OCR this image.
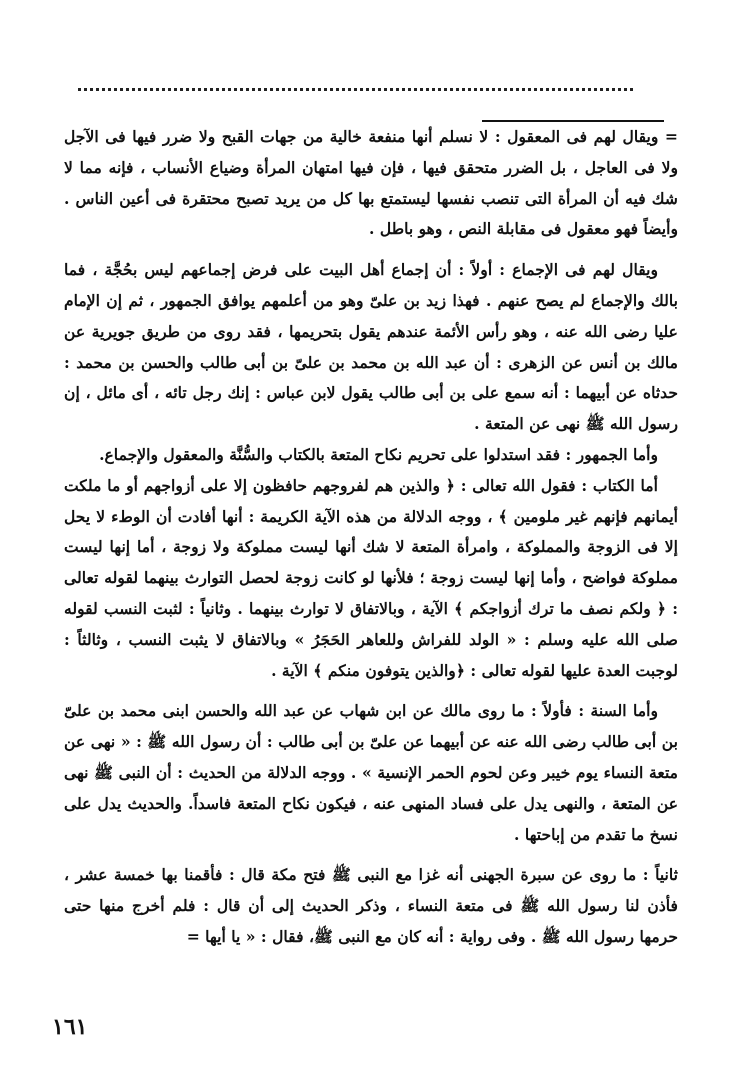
= ويقال لهم فى المعقول : لا نسلم أنها منفعة خالية من جهات القبح ولا ضرر فيها فى الآجل ولا فى العاجل ، بل الضرر متحقق فيها ، فإن فيها امتهان المرأة وضياع الأنساب ، فإنه مما لا شك فيه أن المرأة التى تنصب نفسها ليستمتع بها كل من يريد تصبح محتقرة فى أعين الناس . وأيضاً فهو معقول فى مقابلة النص ، وهو باطل .

ويقال لهم فى الإجماع : أولاً : أن إجماع أهل البيت على فرض إجماعهم ليس بحُجَّة ، فما بالك والإجماع لم يصح عنهم . فهذا زيد بن علىّ وهو من أعلمهم يوافق الجمهور ، ثم إن الإمام عليا رضى الله عنه ، وهو رأس الأئمة عندهم يقول بتحريمها ، فقد روى من طريق جويرية عن مالك بن أنس عن الزهرى : أن عبد الله بن محمد بن علىّ بن أبى طالب والحسن بن محمد : حدثاه عن أبيهما : أنه سمع على بن أبى طالب يقول لابن عباس : إنك رجل تائه ، أى مائل ، إن رسول الله ﷺ نهى عن المتعة .

وأما الجمهور : فقد استدلوا على تحريم نكاح المتعة بالكتاب والسُّنَّة والمعقول والإجماع.

أما الكتاب : فقول الله تعالى : ﴿ والذين هم لفروجهم حافظون إلا على أزواجهم أو ما ملكت أيمانهم فإنهم غير ملومين ﴾ ، ووجه الدلالة من هذه الآية الكريمة : أنها أفادت أن الوطء لا يحل إلا فى الزوجة والمملوكة ، وامرأة المتعة لا شك أنها ليست مملوكة ولا زوجة ، أما إنها ليست مملوكة فواضح ، وأما إنها ليست زوجة ؛ فلأنها لو كانت زوجة لحصل التوارث بينهما لقوله تعالى : ﴿ ولكم نصف ما ترك أزواجكم ﴾ الآية ، وبالاتفاق لا توارث بينهما . وثانياً : لثبت النسب لقوله صلى الله عليه وسلم : « الولد للفراش وللعاهر الحَجَرُ » وبالاتفاق لا يثبت النسب ، وثالثاً : لوجبت العدة عليها لقوله تعالى : ﴿والذين يتوفون منكم ﴾ الآية .

وأما السنة : فأولاً : ما روى مالك عن ابن شهاب عن عبد الله والحسن ابنى محمد بن علىّ بن أبى طالب رضى الله عنه عن أبيهما عن علىّ بن أبى طالب : أن رسول الله ﷺ : « نهى عن متعة النساء يوم خيبر وعن لحوم الحمر الإنسية » . ووجه الدلالة من الحديث : أن النبى ﷺ نهى عن المتعة ، والنهى يدل على فساد المنهى عنه ، فيكون نكاح المتعة فاسداً. والحديث يدل على نسخ ما تقدم من إباحتها .

ثانياً : ما روى عن سبرة الجهنى أنه غزا مع النبى ﷺ فتح مكة قال : فأقمنا بها خمسة عشر ، فأذن لنا رسول الله ﷺ فى متعة النساء ، وذكر الحديث إلى أن قال : فلم أخرج منها حتى حرمها رسول الله ﷺ . وفى رواية : أنه كان مع النبى ﷺ، فقال : « يا أيها =

١٦١
